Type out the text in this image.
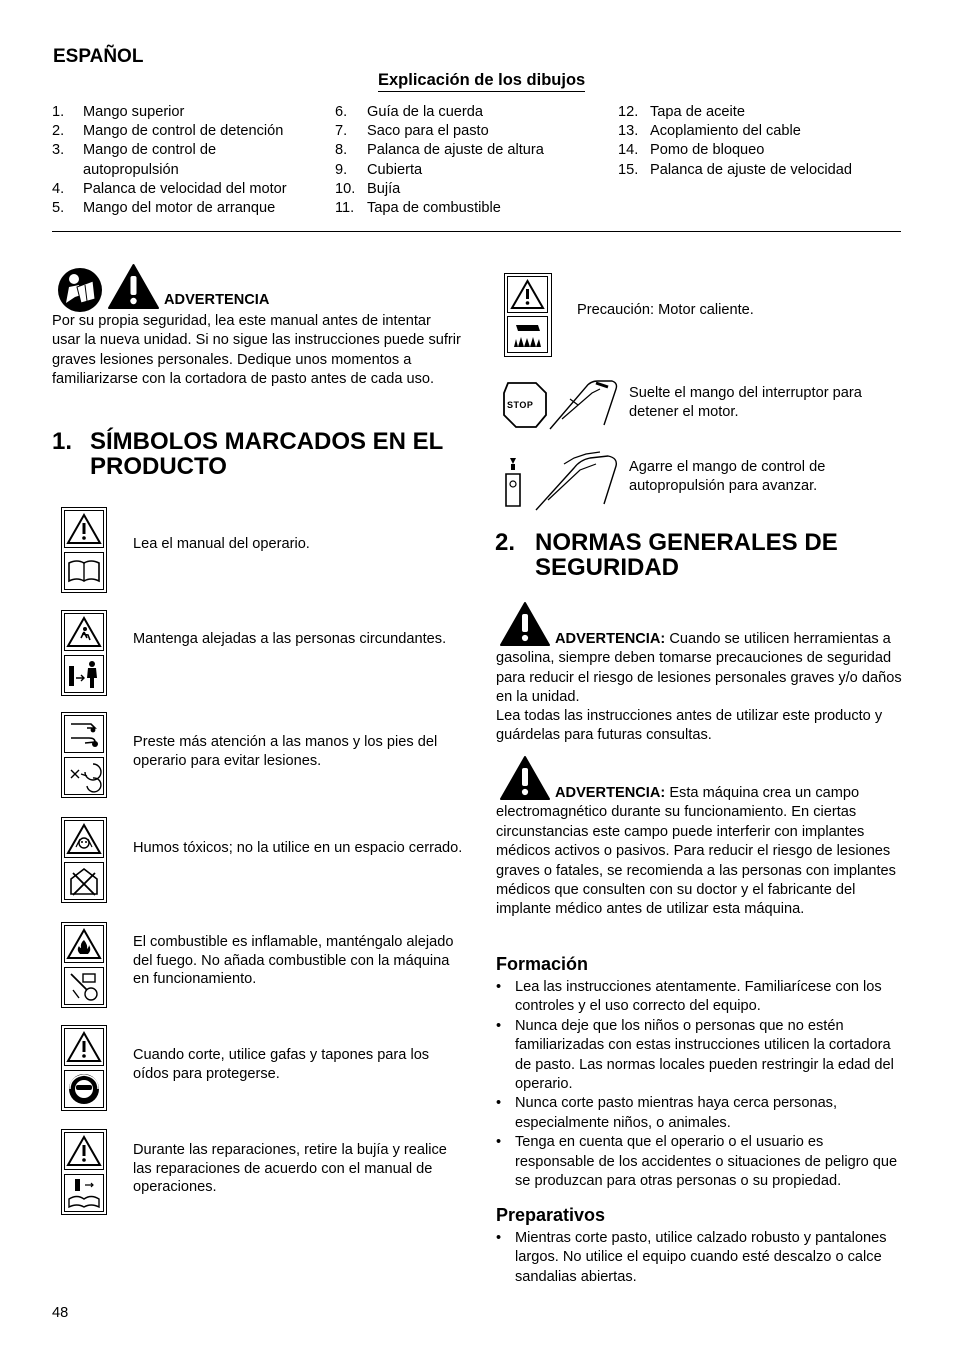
ESPAÑOL
Explicación de los dibujos
1.	Mango superior
2.	Mango de control de detención
3.	Mango de control de autopropulsión
4.	Palanca de velocidad del motor
5.	Mango del motor de arranque
6.	Guía de la cuerda
7.	Saco para el pasto
8.	Palanca de ajuste de altura
9.	Cubierta
10. Bujía
11. Tapa de combustible
12. Tapa de aceite
13. Acoplamiento del cable
14. Pomo de bloqueo
15. Palanca de ajuste de velocidad
ADVERTENCIA
Por su propia seguridad, lea este manual antes de intentar usar la nueva unidad. Si no sigue las instrucciones puede sufrir graves lesiones personales. Dedique unos momentos a familiarizarse con la cortadora de pasto antes de cada uso.
1. SÍMBOLOS MARCADOS EN EL
PRODUCTO
Lea el manual del operario.
Mantenga alejadas a las personas circundantes.
Preste más atención a las manos y los pies del operario para evitar lesiones.
Humos tóxicos; no la utilice en un espacio cerrado.
El combustible es inflamable, manténgalo alejado del fuego. No añada combustible con la máquina en funcionamiento.
Cuando corte, utilice gafas y tapones para los oídos para protegerse.
Durante las reparaciones, retire la bujía y realice las reparaciones de acuerdo con el manual de operaciones.
Precaución: Motor caliente.
STOP
Suelte el mango del interruptor para detener el motor.
Agarre el mango de control de autopropulsión para avanzar.
2. NORMAS GENERALES DE
SEGURIDAD
ADVERTENCIA: Cuando se utilicen herramientas a gasolina, siempre deben tomarse precauciones de seguridad para reducir el riesgo de lesiones personales graves y/o daños en la unidad.
Lea todas las instrucciones antes de utilizar este producto y guárdelas para futuras consultas.
ADVERTENCIA: Esta máquina crea un campo electromagnético durante su funcionamiento. En ciertas circunstancias este campo puede interferir con implantes médicos activos o pasivos. Para reducir el riesgo de lesiones graves o fatales, se recomienda a las personas con implantes médicos que consulten con su doctor y el fabricante del implante médico antes de utilizar esta máquina.
Formación
• Lea las instrucciones atentamente. Familiarícese con los controles y el uso correcto del equipo.
• Nunca deje que los niños o personas que no estén familiarizadas con estas instrucciones utilicen la cortadora de pasto. Las normas locales pueden restringir la edad del operario.
• Nunca corte pasto mientras haya cerca personas, especialmente niños, o animales.
• Tenga en cuenta que el operario o el usuario es responsable de los accidentes o situaciones de peligro que se produzcan para otras personas o su propiedad.
Preparativos
• Mientras corte pasto, utilice calzado robusto y pantalones largos. No utilice el equipo cuando esté descalzo o calce sandalias abiertas.
48
